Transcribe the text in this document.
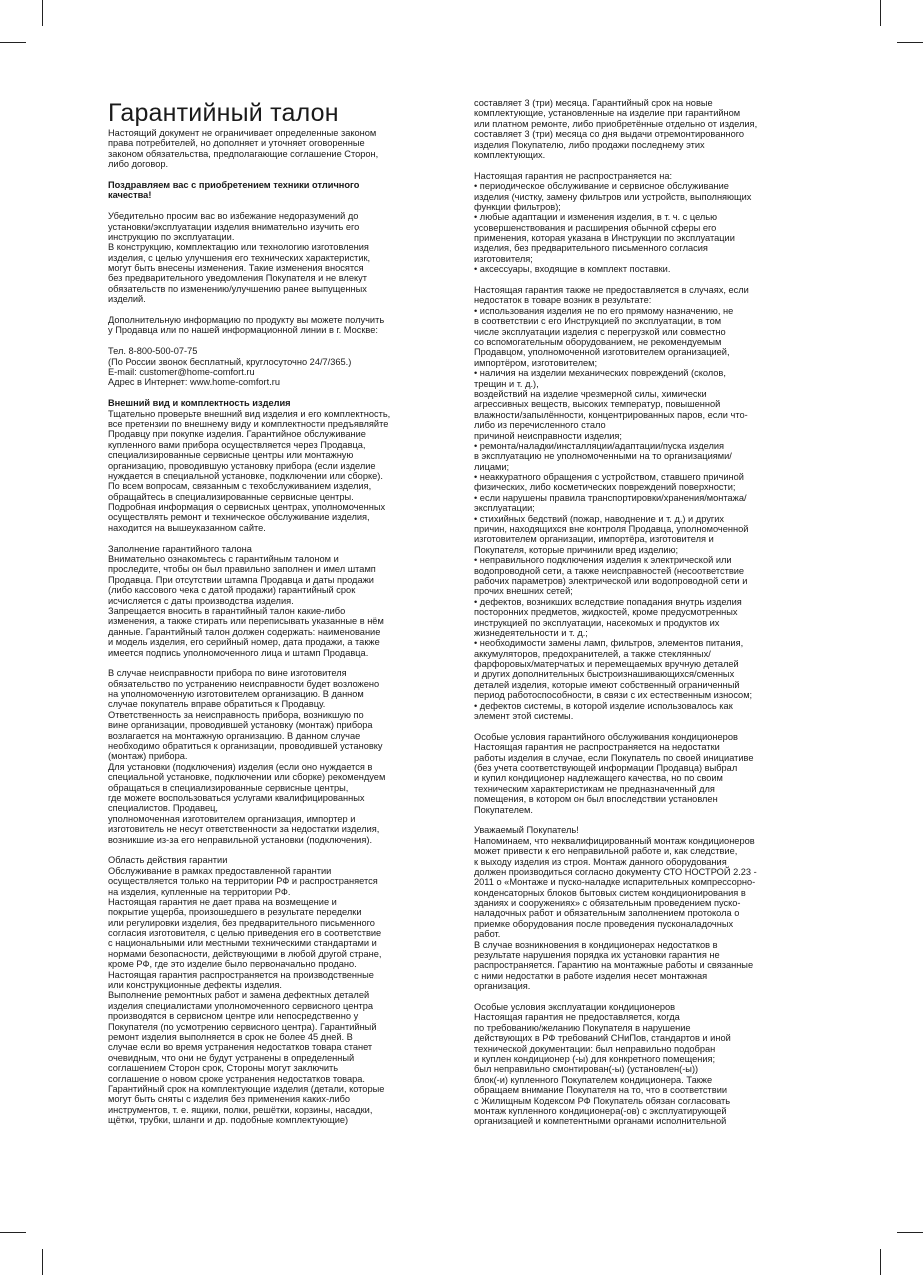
Гарантийный талон
Настоящий документ не ограничивает определенные законом
права потребителей, но дополняет и уточняет оговоренные
законом обязательства, предполагающие соглашение Сторон,
либо договор.
Поздравляем вас с приобретением техники отличного
качества!
Убедительно просим вас во избежание недоразумений до
установки/эксплуатации изделия внимательно изучить его
инструкцию по эксплуатации.
В конструкцию, комплектацию или технологию изготовления
изделия, с целью улучшения его технических характеристик,
могут быть внесены изменения. Такие изменения вносятся
без предварительного уведомления Покупателя и не влекут
обязательств по изменению/улучшению ранее выпущенных
изделий.
Дополнительную информацию по продукту вы можете получить
у Продавца или по нашей информационной линии в г. Москве:
Тел. 8-800-500-07-75
(По России звонок бесплатный, круглосуточно 24/7/365.)
E-mail: customer@home-comfort.ru
Адрес в Интернет: www.home-comfort.ru
Внешний вид и комплектность изделия
Тщательно проверьте внешний вид изделия и его комплектность,
все претензии по внешнему виду и комплектности предъявляйте
Продавцу при покупке изделия. Гарантийное обслуживание
купленного вами прибора осуществляется через Продавца,
специализированные сервисные центры или монтажную
организацию, проводившую установку прибора (если изделие
нуждается в специальной установке, подключении или сборке).
По всем вопросам, связанным с техобслуживанием изделия,
обращайтесь в специализированные сервисные центры.
Подробная информация о сервисных центрах, уполномоченных
осуществлять ремонт и техническое обслуживание изделия,
находится на вышеуказанном сайте.
Заполнение гарантийного талона
Внимательно ознакомьтесь с гарантийным талоном и
проследите, чтобы он был правильно заполнен и имел штамп
Продавца. При отсутствии штампа Продавца и даты продажи
(либо кассового чека с датой продажи) гарантийный срок
исчисляется с даты производства изделия.
Запрещается вносить в гарантийный талон какие-либо
изменения, а также стирать или переписывать указанные в нём
данные. Гарантийный талон должен содержать: наименование
и модель изделия, его серийный номер, дата продажи, а также
имеется подпись уполномоченного лица и штамп Продавца.
В случае неисправности прибора по вине изготовителя
обязательство по устранению неисправности будет возложено
на уполномоченную изготовителем организацию. В данном
случае покупатель вправе обратиться к Продавцу.
Ответственность за неисправность прибора, возникшую по
вине организации, проводившей установку (монтаж) прибора
возлагается на монтажную организацию. В данном случае
необходимо обратиться к организации, проводившей установку
(монтаж) прибора.
Для установки (подключения) изделия (если оно нуждается в
специальной установке, подключении или сборке) рекомендуем
обращаться в специализированные сервисные центры,
где можете воспользоваться услугами квалифицированных
специалистов. Продавец,
уполномоченная изготовителем организация, импортер и
изготовитель не несут ответственности за недостатки изделия,
возникшие из-за его неправильной установки (подключения).
Область действия гарантии
Обслуживание в рамках предоставленной гарантии
осуществляется только на территории РФ и распространяется
на изделия, купленные на территории РФ.
Настоящая гарантия не дает права на возмещение и
покрытие ущерба, произошедшего в результате переделки
или регулировки изделия, без предварительного письменного
согласия изготовителя, с целью приведения его в соответствие
с национальными или местными техническими стандартами и
нормами безопасности, действующими в любой другой стране,
кроме РФ, где это изделие было первоначально продано.
Настоящая гарантия распространяется на производственные
или конструкционные дефекты изделия.
Выполнение ремонтных работ и замена дефектных деталей
изделия специалистами уполномоченного сервисного центра
производятся в сервисном центре или непосредственно у
Покупателя (по усмотрению сервисного центра). Гарантийный
ремонт изделия выполняется в срок не более 45 дней. В
случае если во время устранения недостатков товара станет
очевидным, что они не будут устранены в определенный
соглашением Сторон срок, Стороны могут заключить
соглашение о новом сроке устранения недостатков товара.
Гарантийный срок на комплектующие изделия (детали, которые
могут быть сняты с изделия без применения каких-либо
инструментов, т. е. ящики, полки, решётки, корзины, насадки,
щётки, трубки, шланги и др. подобные комплектующие)
составляет 3 (три) месяца. Гарантийный срок на новые
комплектующие, установленные на изделие при гарантийном
или платном ремонте, либо приобретённые отдельно от изделия,
составляет 3 (три) месяца со дня выдачи отремонтированного
изделия Покупателю, либо продажи последнему этих
комплектующих.
Настоящая гарантия не распространяется на:
• периодическое обслуживание и сервисное обслуживание
изделия (чистку, замену фильтров или устройств, выполняющих
функции фильтров);
• любые адаптации и изменения изделия, в т. ч. с целью
усовершенствования и расширения обычной сферы его
применения, которая указана в Инструкции по эксплуатации
изделия, без предварительного письменного согласия
изготовителя;
• аксессуары, входящие в комплект поставки.
Настоящая гарантия также не предоставляется в случаях, если
недостаток в товаре возник в результате:
• использования изделия не по его прямому назначению, не
в соответствии с его Инструкцией по эксплуатации, в том
числе эксплуатации изделия с перегрузкой или совместно
со вспомогательным оборудованием, не рекомендуемым
Продавцом, уполномоченной изготовителем организацией,
импортёром, изготовителем;
• наличия на изделии механических повреждений (сколов,
трещин и т. д.),
воздействий на изделие чрезмерной силы, химически
агрессивных веществ, высоких температур, повышенной
влажности/запылённости, концентрированных паров, если что-
либо из перечисленного стало
причиной неисправности изделия;
• ремонта/наладки/инсталляции/адаптации/пуска изделия
в эксплуатацию не уполномоченными на то организациями/
лицами;
• неаккуратного обращения с устройством, ставшего причиной
физических, либо косметических повреждений поверхности;
• если нарушены правила транспортировки/хранения/монтажа/
эксплуатации;
• стихийных бедствий (пожар, наводнение и т. д.) и других
причин, находящихся вне контроля Продавца, уполномоченной
изготовителем организации, импортёра, изготовителя и
Покупателя, которые причинили вред изделию;
• неправильного подключения изделия к электрической или
водопроводной сети, а также неисправностей (несоответствие
рабочих параметров) электрической или водопроводной сети и
прочих внешних сетей;
• дефектов, возникших вследствие попадания внутрь изделия
посторонних предметов, жидкостей, кроме предусмотренных
инструкцией по эксплуатации, насекомых и продуктов их
жизнедеятельности и т. д.;
• необходимости замены ламп, фильтров, элементов питания,
аккумуляторов, предохранителей, а также стеклянных/
фарфоровых/матерчатых и перемещаемых вручную деталей
и других дополнительных быстроизнашивающихся/сменных
деталей изделия, которые имеют собственный ограниченный
период работоспособности, в связи с их естественным износом;
• дефектов системы, в которой изделие использовалось как
элемент этой системы.
Особые условия гарантийного обслуживания кондиционеров
Настоящая гарантия не распространяется на недостатки
работы изделия в случае, если Покупатель по своей инициативе
(без учета соответствующей информации Продавца) выбрал
и купил кондиционер надлежащего качества, но по своим
техническим характеристикам не предназначенный для
помещения, в котором он был впоследствии установлен
Покупателем.
Уважаемый Покупатель!
Напоминаем, что неквалифицированный монтаж кондиционеров
может привести к его неправильной работе и, как следствие,
к выходу изделия из строя. Монтаж данного оборудования
должен производиться согласно документу СТО НОСТРОЙ 2.23 -
2011 о «Монтаже и пуско-наладке испарительных компрессорно-
конденсаторных блоков бытовых систем кондиционирования в
зданиях и сооружениях» с обязательным проведением пуско-
наладочных работ и обязательным заполнением протокола о
приемке оборудования после проведения пусконаладочных
работ.
В случае возникновения в кондиционерах недостатков в
результате нарушения порядка их установки гарантия не
распространяется. Гарантию на монтажные работы и связанные
с ними недостатки в работе изделия несет монтажная
организация.
Особые условия эксплуатации кондиционеров
Настоящая гарантия не предоставляется, когда
по требованию/желанию Покупателя в нарушение
действующих в РФ требований СНиПов, стандартов и иной
технической документации: был неправильно подобран
и куплен кондиционер (-ы) для конкретного помещения;
был неправильно смонтирован(-ы) (установлен(-ы))
блок(-и) купленного Покупателем кондиционера. Также
обращаем внимание Покупателя на то, что в соответствии
с Жилищным Кодексом РФ Покупатель обязан согласовать
монтаж купленного кондиционера(-ов) с эксплуатирующей
организацией и компетентными органами исполнительной
